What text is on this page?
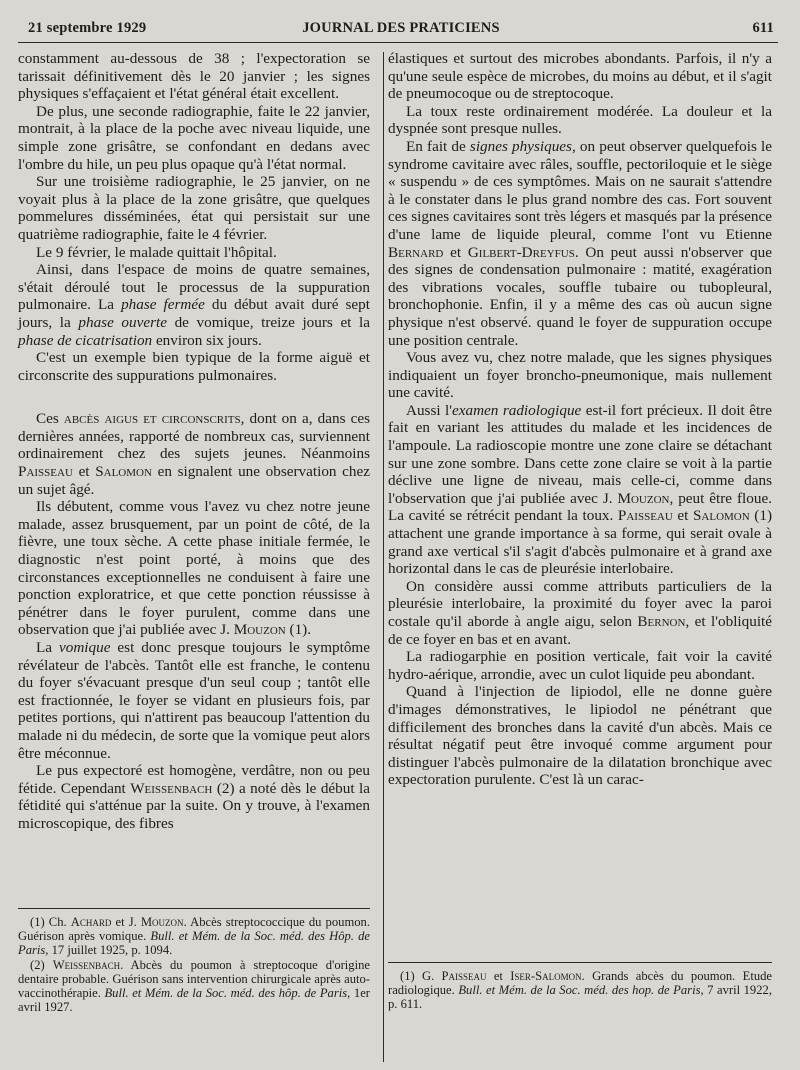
21 septembre 1929	JOURNAL DES PRATICIENS	611

constamment au-dessous de 38 ; l'expectoration se tarissait définitivement dès le 20 janvier ; les signes physiques s'effaçaient et l'état général était excellent.

De plus, une seconde radiographie, faite le 22 janvier, montrait, à la place de la poche avec niveau liquide, une simple zone grisâtre, se confondant en dedans avec l'ombre du hile, un peu plus opaque qu'à l'état normal.

Sur une troisième radiographie, le 25 janvier, on ne voyait plus à la place de la zone grisâtre, que quelques pommelures disséminées, état qui persistait sur une quatrième radiographie, faite le 4 février.

Le 9 février, le malade quittait l'hôpital.

Ainsi, dans l'espace de moins de quatre semaines, s'était déroulé tout le processus de la suppuration pulmonaire. La phase fermée du début avait duré sept jours, la phase ouverte de vomique, treize jours et la phase de cicatrisation environ six jours.

C'est un exemple bien typique de la forme aiguë et circonscrite des suppurations pulmonaires.

Ces abcès aigus et circonscrits, dont on a, dans ces dernières années, rapporté de nombreux cas, surviennent ordinairement chez des sujets jeunes. Néanmoins Paisseau et Salomon en signalent une observation chez un sujet âgé.

Ils débutent, comme vous l'avez vu chez notre jeune malade, assez brusquement, par un point de côté, de la fièvre, une toux sèche. A cette phase initiale fermée, le diagnostic n'est point porté, à moins que des circonstances exceptionnelles ne conduisent à faire une ponction exploratrice, et que cette ponction réussisse à pénétrer dans le foyer purulent, comme dans une observation que j'ai publiée avec J. Mouzon (1).

La vomique est donc presque toujours le symptôme révélateur de l'abcès. Tantôt elle est franche, le contenu du foyer s'évacuant presque d'un seul coup ; tantôt elle est fractionnée, le foyer se vidant en plusieurs fois, par petites portions, qui n'attirent pas beaucoup l'attention du malade ni du médecin, de sorte que la vomique peut alors être méconnue.

Le pus expectoré est homogène, verdâtre, non ou peu fétide. Cependant Weissenbach (2) a noté dès le début la fétidité qui s'atténue par la suite. On y trouve, à l'examen microscopique, des fibres

(1) Ch. Achard et J. Mouzon. Abcès streptococcique du poumon. Guérison après vomique. Bull. et Mém. de la Soc. méd. des Hôp. de Paris, 17 juillet 1925, p. 1094.

(2) Weissenbach. Abcès du poumon à streptocoque d'origine dentaire probable. Guérison sans intervention chirurgicale après auto-vaccinothérapie. Bull. et Mém. de la Soc. méd. des hôp. de Paris, 1er avril 1927.

élastiques et surtout des microbes abondants. Parfois, il n'y a qu'une seule espèce de microbes, du moins au début, et il s'agit de pneumocoque ou de streptocoque.

La toux reste ordinairement modérée. La douleur et la dyspnée sont presque nulles.

En fait de signes physiques, on peut observer quelquefois le syndrome cavitaire avec râles, souffle, pectoriloquie et le siège « suspendu » de ces symptômes. Mais on ne saurait s'attendre à le constater dans le plus grand nombre des cas. Fort souvent ces signes cavitaires sont très légers et masqués par la présence d'une lame de liquide pleural, comme l'ont vu Etienne Bernard et Gilbert-Dreyfus. On peut aussi n'observer que des signes de condensation pulmonaire : matité, exagération des vibrations vocales, souffle tubaire ou tubopleural, bronchophonie. Enfin, il y a même des cas où aucun signe physique n'est observé. quand le foyer de suppuration occupe une position centrale.

Vous avez vu, chez notre malade, que les signes physiques indiquaient un foyer broncho-pneumonique, mais nullement une cavité.

Aussi l'examen radiologique est-il fort précieux. Il doit être fait en variant les attitudes du malade et les incidences de l'ampoule. La radioscopie montre une zone claire se détachant sur une zone sombre. Dans cette zone claire se voit à la partie déclive une ligne de niveau, mais celle-ci, comme dans l'observation que j'ai publiée avec J. Mouzon, peut être floue. La cavité se rétrécit pendant la toux. Paisseau et Salomon (1) attachent une grande importance à sa forme, qui serait ovale à grand axe vertical s'il s'agit d'abcès pulmonaire et à grand axe horizontal dans le cas de pleurésie interlobaire.

On considère aussi comme attributs particuliers de la pleurésie interlobaire, la proximité du foyer avec la paroi costale qu'il aborde à angle aigu, selon Bernon, et l'obliquité de ce foyer en bas et en avant.

La radiogarphie en position verticale, fait voir la cavité hydro-aérique, arrondie, avec un culot liquide peu abondant.

Quand à l'injection de lipiodol, elle ne donne guère d'images démonstratives, le lipiodol ne pénétrant que difficilement des bronches dans la cavité d'un abcès. Mais ce résultat négatif peut être invoqué comme argument pour distinguer l'abcès pulmonaire de la dilatation bronchique avec expectoration purulente. C'est là un carac-

(1) G. Paisseau et Iser-Salomon. Grands abcès du poumon. Etude radiologique. Bull. et Mém. de la Soc. méd. des hop. de Paris, 7 avril 1922, p. 611.
